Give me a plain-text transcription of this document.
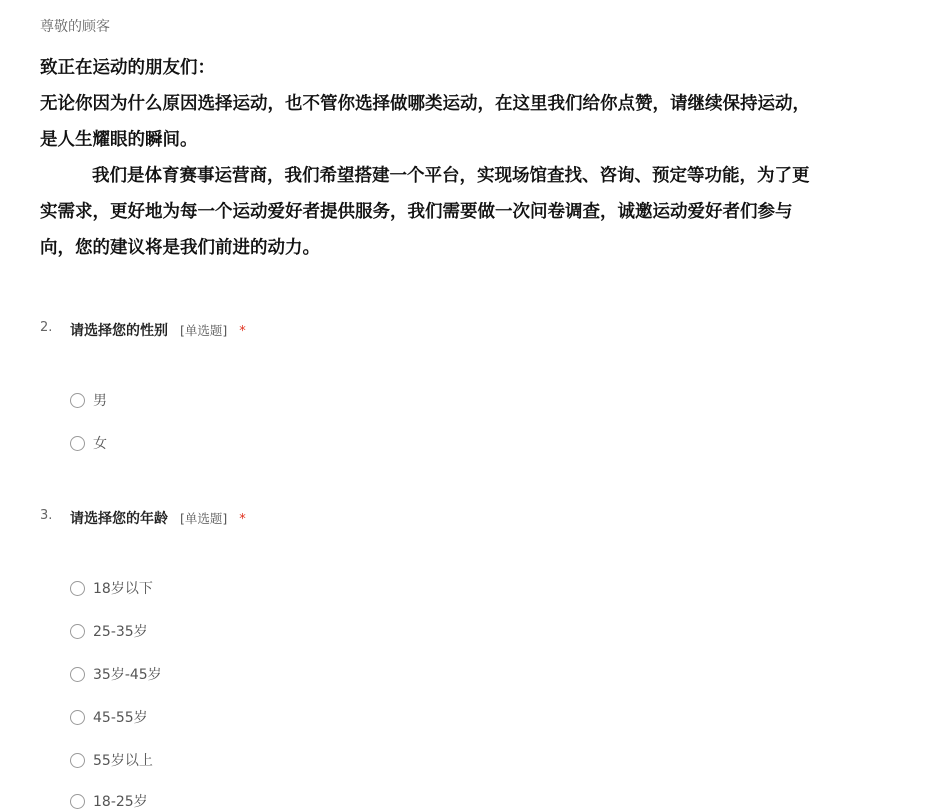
尊敬的顾客

致正在运动的朋友们：

无论你因为什么原因选择运动，也不管你选择做哪类运动，在这里我们给你点赞，请继续保持运动，

是人生耀眼的瞬间。

我们是体育赛事运营商，我们希望搭建一个平台，实现场馆查找、咨询、预定等功能，为了更

实需求，更好地为每一个运动爱好者提供服务，我们需要做一次问卷调查，诚邀运动爱好者们参与

向，您的建议将是我们前进的动力。

2. 请选择您的性别 [单选题] *
男
女
3. 请选择您的年龄 [单选题] *
18岁以下
25-35岁
35岁-45岁
45-55岁
55岁以上
18-25岁
